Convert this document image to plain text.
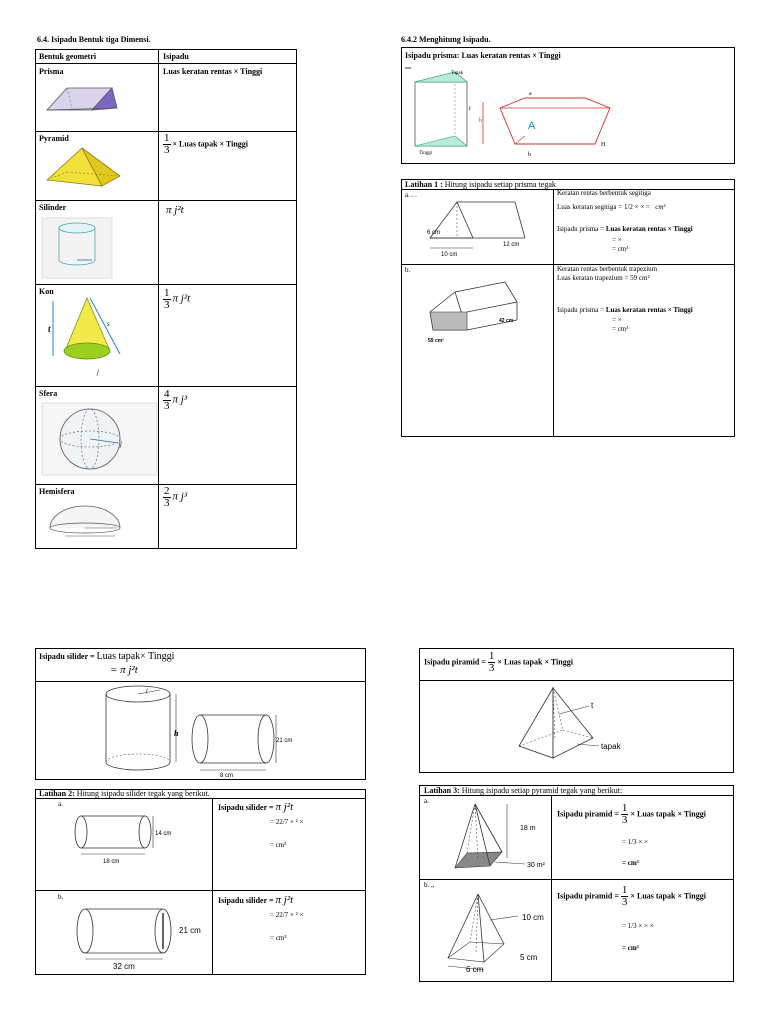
6.4. Isipadu Bentuk tiga Dimensi.
Bentuk geometri	Isipadu
Prisma	Luas keratan rentas × Tinggi
Pyramid	$\frac{1}{3}$ × Luas tapak × Tinggi
Silinder	π j²t
Kon	$\frac{1}{3}$ π j²t
t	s
j
Sfera	$\frac{4}{3}$ π j³
j
Hemisfera	$\frac{2}{3}$ π j³
6.4.2 Menghitung Isipadu.
Isipadu prisma: Luas keratan rentas × Tinggi
Tapak
t
Tinggi
h
a
A
b
H
Latihan 1 : Hitung isipadu setiap prisma tegak
a. . .
6 cm
12 cm
10 cm
Keratan rentas berbentuk segitiga
Luas keratan segitiga = 1/2 × × = cm²
Isipadu prisma = Luas keratan rentas × Tinggi
= ×
= cm³
b.
42 cm
59 cm²
Keratan rentas berbentuk trapezium
Luas keratan trapezium = 59 cm²
Isipadu prisma = Luas keratan rentas × Tinggi
= ×
= cm³
Isipadu silider = Luas tapak× Tinggi
= π j²t
j
h
21 cm
8 cm
Latihan 2: Hitung isipadu silider tegak yang berikut.
a.
14 cm
18 cm
Isipadu silider = π j²t
= 22/7 × ² ×
= cm³
b.
21 cm
32 cm
Isipadu silider = π j²t
= 22/7 × ² ×
= cm³
Isipadu piramid = $\frac{1}{3}$ × Luas tapak × Tinggi
t
tapak
Latihan 3: Hitung isipadu setiap pyramid tegak yang berikut:
a.
18 m
30 m²
Isipadu piramid = $\frac{1}{3}$ × Luas tapak × Tinggi
= 1/3 × ×
= cm³
b. ,,
10 cm
5 cm
6 cm
Isipadu piramid = $\frac{1}{3}$ × Luas tapak × Tinggi
= 1/3 × × ×
= cm³
